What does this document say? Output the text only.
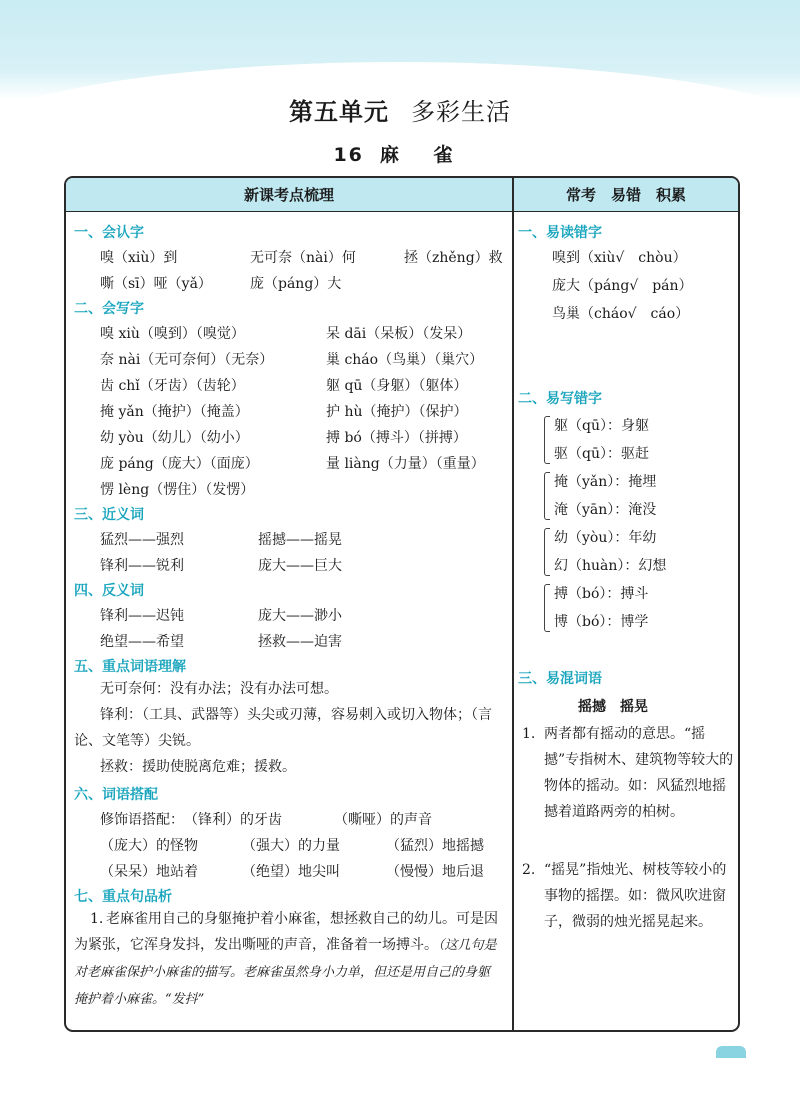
第五单元 多彩生活
16 麻 雀
新课考点梳理	常考　易错　积累
一、会认字
嗅（xiù）到	无可奈（nài）何	拯（zhěng）救
嘶（sī）哑（yǎ）	庞（páng）大
二、会写字
嗅 xiù（嗅到）（嗅觉）	呆 dāi（呆板）（发呆）
奈 nài（无可奈何）（无奈）	巢 cháo（鸟巢）（巢穴）
齿 chǐ（牙齿）（齿轮）	躯 qū（身躯）（躯体）
掩 yǎn（掩护）（掩盖）	护 hù（掩护）（保护）
幼 yòu（幼儿）（幼小）	搏 bó（搏斗）（拼搏）
庞 páng（庞大）（面庞）	量 liàng（力量）（重量）
愣 lèng（愣住）（发愣）
三、近义词
猛烈——强烈	摇撼——摇晃
锋利——锐利	庞大——巨大
四、反义词
锋利——迟钝	庞大——渺小
绝望——希望	拯救——迫害
五、重点词语理解
无可奈何：没有办法；没有办法可想。
锋利：（工具、武器等）头尖或刃薄，容易刺入或切入物体；（言论、文笔等）尖锐。
拯救：援助使脱离危难；援救。
六、词语搭配
修饰语搭配： （锋利）的牙齿	（嘶哑）的声音
（庞大）的怪物	（强大）的力量	（猛烈）地摇撼
（呆呆）地站着	（绝望）地尖叫	（慢慢）地后退
七、重点句品析
1. 老麻雀用自己的身躯掩护着小麻雀，想拯救自己的幼儿。可是因为紧张，它浑身发抖，发出嘶哑的声音，准备着一场搏斗。（这几句是对老麻雀保护小麻雀的描写。老麻雀虽然身小力单，但还是用自己的身躯掩护着小麻雀。“发抖”
一、易读错字
嗅到（xiù√　chòu）
庞大（páng√　pán）
鸟巢（cháo√　cáo）
二、易写错字
躯（qū）：身躯
驱（qū）：驱赶
掩（yǎn）：掩埋
淹（yān）：淹没
幼（yòu）：年幼
幻（huàn）：幻想
搏（bó）：搏斗
博（bó）：博学
三、易混词语
摇撼　摇晃
1. 两者都有摇动的意思。“摇撼”专指树木、建筑物等较大的物体的摇动。如：风猛烈地摇撼着道路两旁的柏树。
2. “摇晃”指烛光、树枝等较小的事物的摇摆。如：微风吹进窗子，微弱的烛光摇晃起来。
